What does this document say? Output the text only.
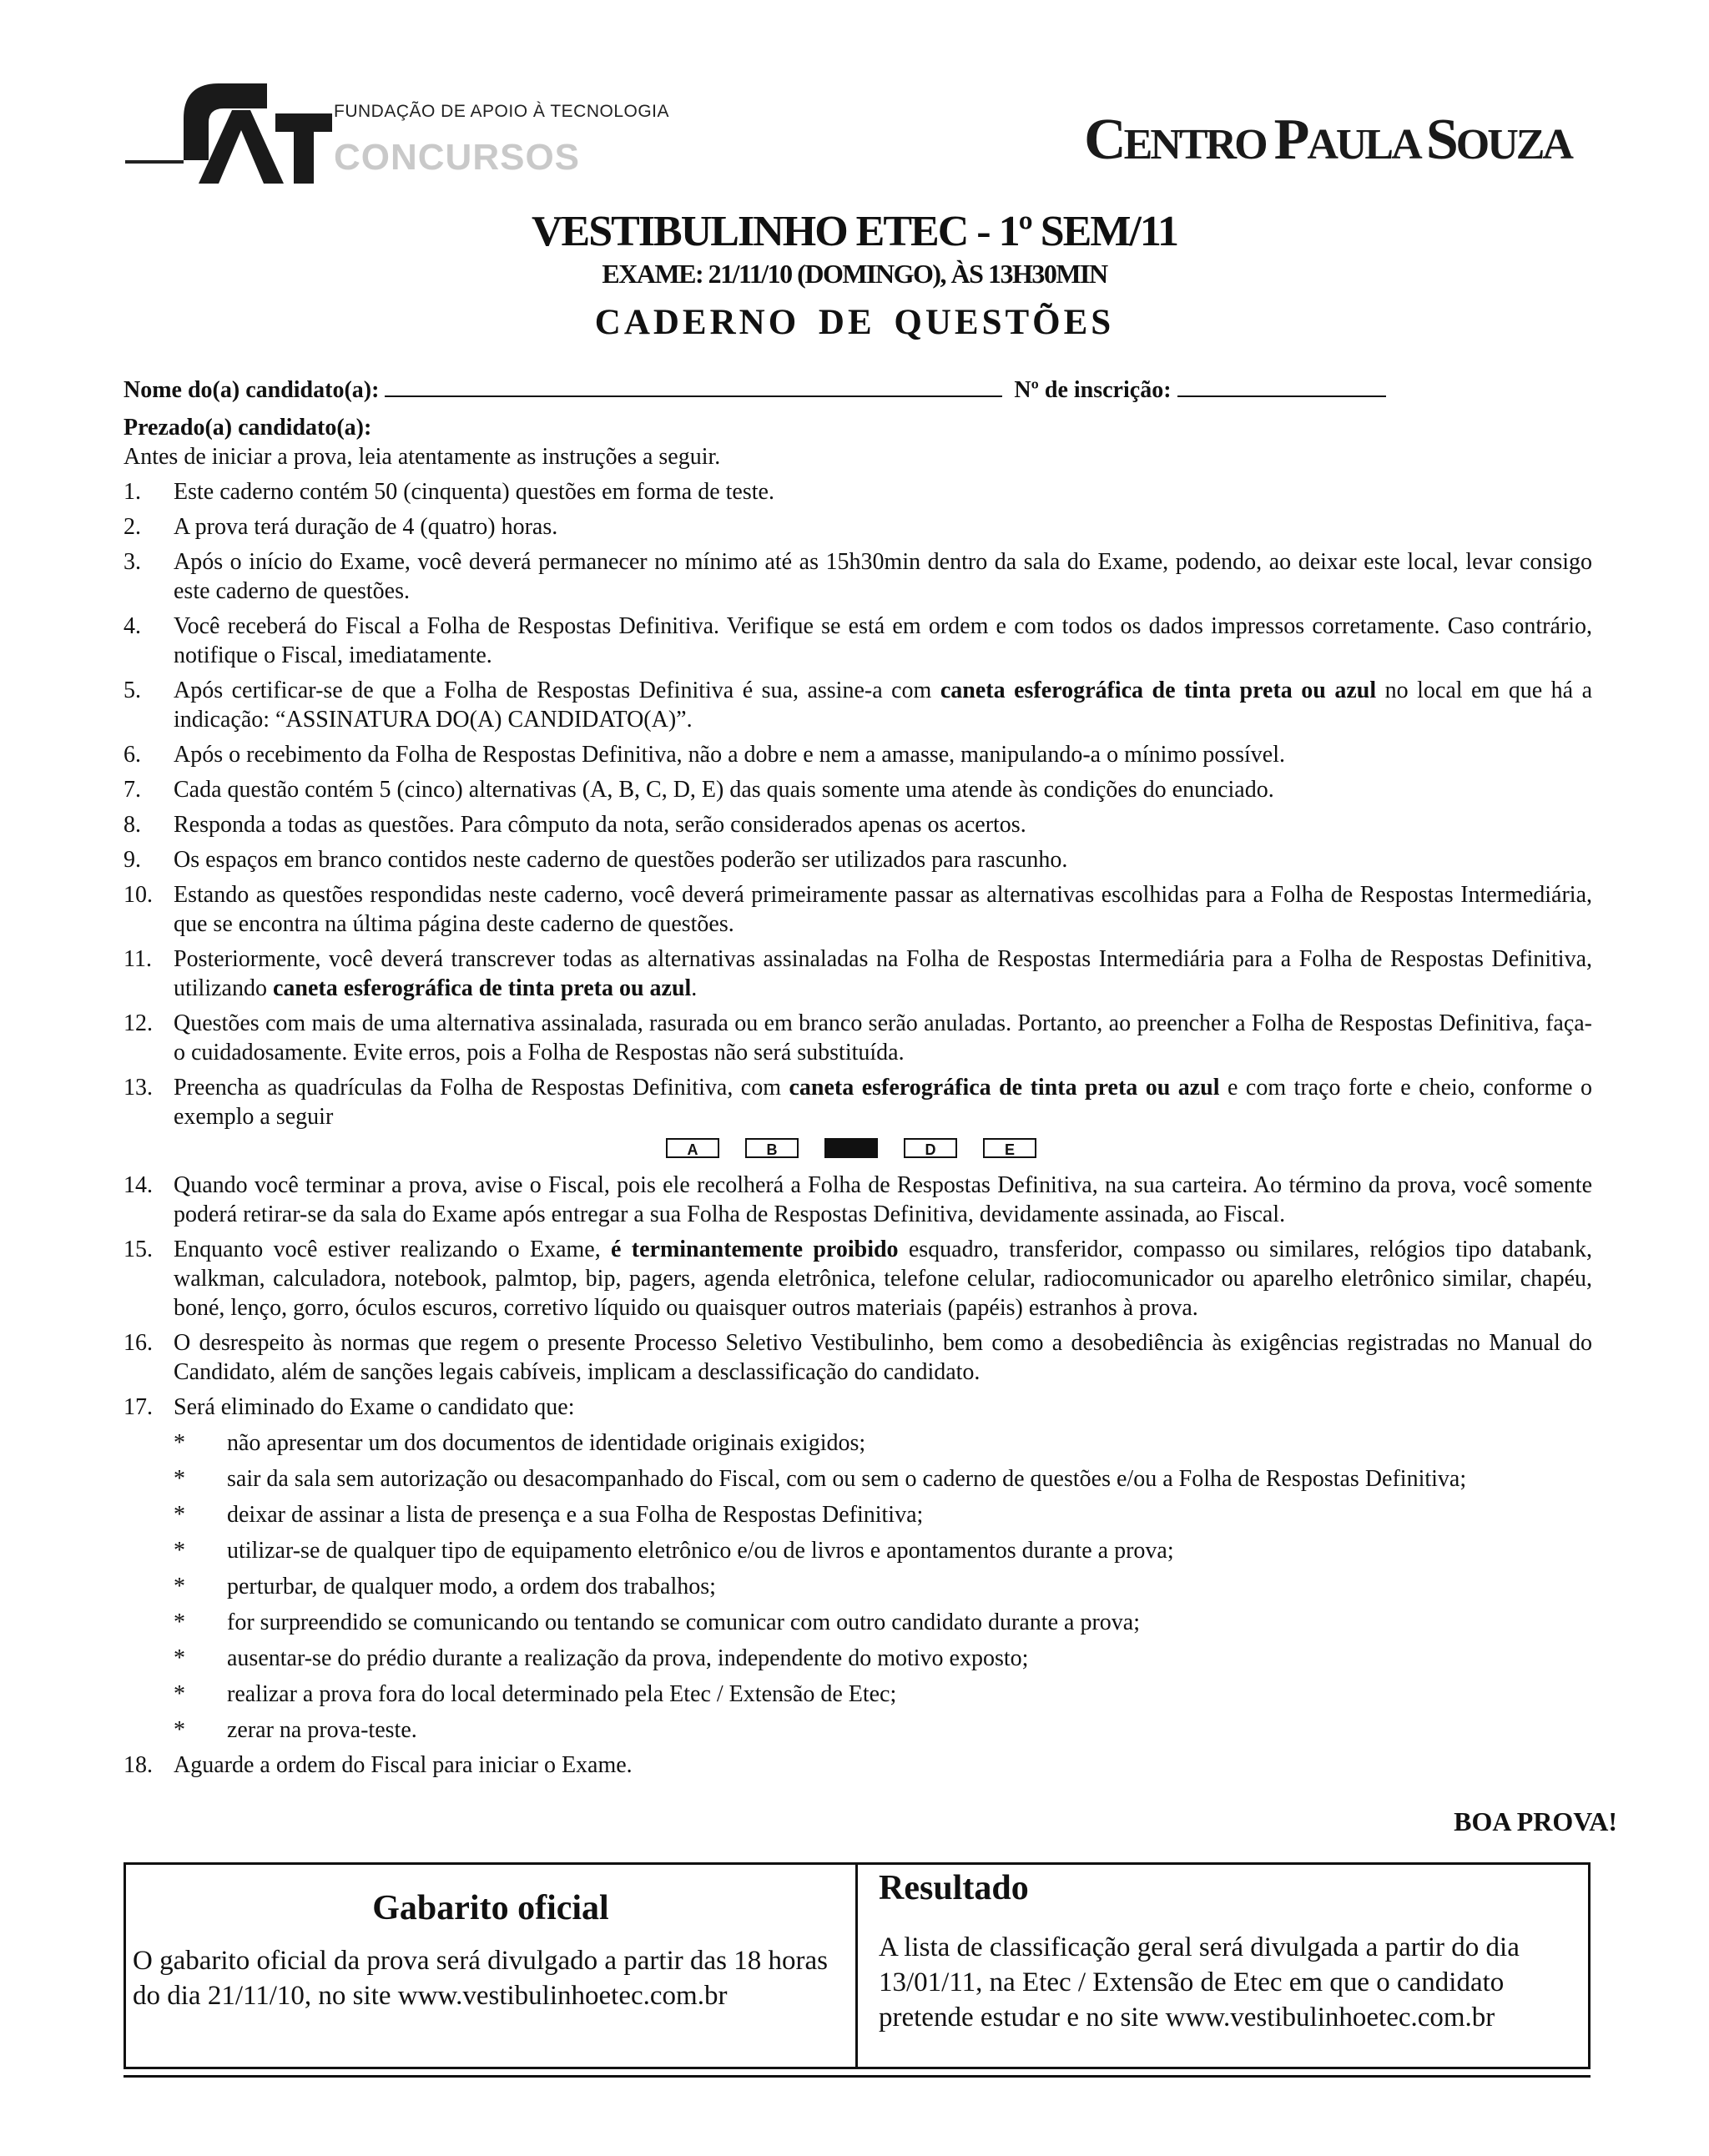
FUNDAÇÃO DE APOIO À TECNOLOGIA
CONCURSOS	CENTRO PAULA SOUZA
VESTIBULINHO ETEC - 1º SEM/11
EXAME: 21/11/10 (DOMINGO), ÀS 13H30MIN
CADERNO DE QUESTÕES
Nome do(a) candidato(a):	Nº de inscrição:
Prezado(a) candidato(a):
Antes de iniciar a prova, leia atentamente as instruções a seguir.
1. Este caderno contém 50 (cinquenta) questões em forma de teste.
2. A prova terá duração de 4 (quatro) horas.
3. Após o início do Exame, você deverá permanecer no mínimo até as 15h30min dentro da sala do Exame, podendo, ao deixar este local, levar consigo este caderno de questões.
4. Você receberá do Fiscal a Folha de Respostas Definitiva. Verifique se está em ordem e com todos os dados impressos corretamente. Caso contrário, notifique o Fiscal, imediatamente.
5. Após certificar-se de que a Folha de Respostas Definitiva é sua, assine-a com caneta esferográfica de tinta preta ou azul no local em que há a indicação: “ASSINATURA DO(A) CANDIDATO(A)”.
6. Após o recebimento da Folha de Respostas Definitiva, não a dobre e nem a amasse, manipulando-a o mínimo possível.
7. Cada questão contém 5 (cinco) alternativas (A, B, C, D, E) das quais somente uma atende às condições do enunciado.
8. Responda a todas as questões. Para cômputo da nota, serão considerados apenas os acertos.
9. Os espaços em branco contidos neste caderno de questões poderão ser utilizados para rascunho.
10. Estando as questões respondidas neste caderno, você deverá primeiramente passar as alternativas escolhidas para a Folha de Respostas Intermediária, que se encontra na última página deste caderno de questões.
11. Posteriormente, você deverá transcrever todas as alternativas assinaladas na Folha de Respostas Intermediária para a Folha de Respostas Definitiva, utilizando caneta esferográfica de tinta preta ou azul.
12. Questões com mais de uma alternativa assinalada, rasurada ou em branco serão anuladas. Portanto, ao preencher a Folha de Respostas Definitiva, faça-o cuidadosamente. Evite erros, pois a Folha de Respostas não será substituída.
13. Preencha as quadrículas da Folha de Respostas Definitiva, com caneta esferográfica de tinta preta ou azul e com traço forte e cheio, conforme o exemplo a seguir
A	B	D	E
14. Quando você terminar a prova, avise o Fiscal, pois ele recolherá a Folha de Respostas Definitiva, na sua carteira. Ao término da prova, você somente poderá retirar-se da sala do Exame após entregar a sua Folha de Respostas Definitiva, devidamente assinada, ao Fiscal.
15. Enquanto você estiver realizando o Exame, é terminantemente proibido esquadro, transferidor, compasso ou similares, relógios tipo databank, walkman, calculadora, notebook, palmtop, bip, pagers, agenda eletrônica, telefone celular, radiocomunicador ou aparelho eletrônico similar, chapéu, boné, lenço, gorro, óculos escuros, corretivo líquido ou quaisquer outros materiais (papéis) estranhos à prova.
16. O desrespeito às normas que regem o presente Processo Seletivo Vestibulinho, bem como a desobediência às exigências registradas no Manual do Candidato, além de sanções legais cabíveis, implicam a desclassificação do candidato.
17. Será eliminado do Exame o candidato que:
* não apresentar um dos documentos de identidade originais exigidos;
* sair da sala sem autorização ou desacompanhado do Fiscal, com ou sem o caderno de questões e/ou a Folha de Respostas Definitiva;
* deixar de assinar a lista de presença e a sua Folha de Respostas Definitiva;
* utilizar-se de qualquer tipo de equipamento eletrônico e/ou de livros e apontamentos durante a prova;
* perturbar, de qualquer modo, a ordem dos trabalhos;
* for surpreendido se comunicando ou tentando se comunicar com outro candidato durante a prova;
* ausentar-se do prédio durante a realização da prova, independente do motivo exposto;
* realizar a prova fora do local determinado pela Etec / Extensão de Etec;
* zerar na prova-teste.
18. Aguarde a ordem do Fiscal para iniciar o Exame.
BOA PROVA!
Gabarito oficial
O gabarito oficial da prova será divulgado a partir das 18 horas do dia 21/11/10, no site www.vestibulinhoetec.com.br
Resultado
A lista de classificação geral será divulgada a partir do dia 13/01/11, na Etec / Extensão de Etec em que o candidato pretende estudar e no site www.vestibulinhoetec.com.br
